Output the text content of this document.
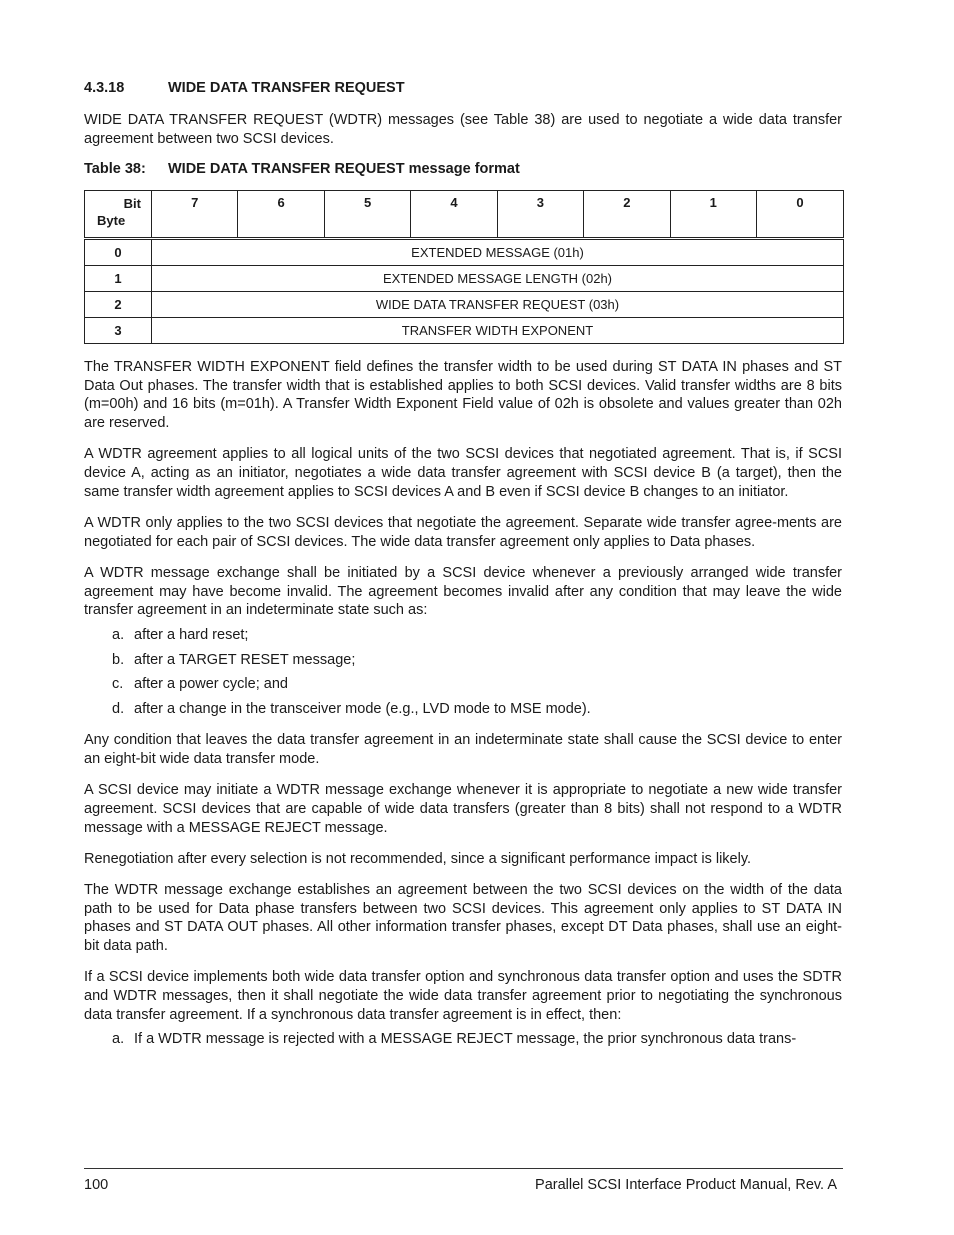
4.3.18	WIDE DATA TRANSFER REQUEST

WIDE DATA TRANSFER REQUEST (WDTR) messages (see Table 38) are used to negotiate a wide data transfer agreement between two SCSI devices.

Table 38: WIDE DATA TRANSFER REQUEST message format
Bit
Byte	7	6	5	4	3	2	1	0
0	EXTENDED MESSAGE (01h)							
1	EXTENDED MESSAGE LENGTH (02h)							
2	WIDE DATA TRANSFER REQUEST (03h)							
3	TRANSFER WIDTH EXPONENT							

The TRANSFER WIDTH EXPONENT field defines the transfer width to be used during ST DATA IN phases and ST Data Out phases. The transfer width that is established applies to both SCSI devices. Valid transfer widths are 8 bits (m=00h) and 16 bits (m=01h). A Transfer Width Exponent Field value of 02h is obsolete and values greater than 02h are reserved.

A WDTR agreement applies to all logical units of the two SCSI devices that negotiated agreement. That is, if SCSI device A, acting as an initiator, negotiates a wide data transfer agreement with SCSI device B (a target), then the same transfer width agreement applies to SCSI devices A and B even if SCSI device B changes to an initiator.

A WDTR only applies to the two SCSI devices that negotiate the agreement. Separate wide transfer agree-ments are negotiated for each pair of SCSI devices. The wide data transfer agreement only applies to Data phases.

A WDTR message exchange shall be initiated by a SCSI device whenever a previously arranged wide transfer agreement may have become invalid. The agreement becomes invalid after any condition that may leave the wide transfer agreement in an indeterminate state such as:

a. after a hard reset;
b. after a TARGET RESET message;
c. after a power cycle; and
d. after a change in the transceiver mode (e.g., LVD mode to MSE mode).

Any condition that leaves the data transfer agreement in an indeterminate state shall cause the SCSI device to enter an eight-bit wide data transfer mode.

A SCSI device may initiate a WDTR message exchange whenever it is appropriate to negotiate a new wide transfer agreement. SCSI devices that are capable of wide data transfers (greater than 8 bits) shall not respond to a WDTR message with a MESSAGE REJECT message.

Renegotiation after every selection is not recommended, since a significant performance impact is likely.

The WDTR message exchange establishes an agreement between the two SCSI devices on the width of the data path to be used for Data phase transfers between two SCSI devices. This agreement only applies to ST DATA IN phases and ST DATA OUT phases. All other information transfer phases, except DT Data phases, shall use an eight-bit data path.

If a SCSI device implements both wide data transfer option and synchronous data transfer option and uses the SDTR and WDTR messages, then it shall negotiate the wide data transfer agreement prior to negotiating the synchronous data transfer agreement. If a synchronous data transfer agreement is in effect, then:

a. If a WDTR message is rejected with a MESSAGE REJECT message, the prior synchronous data trans-
100	Parallel SCSI Interface Product Manual, Rev. A
